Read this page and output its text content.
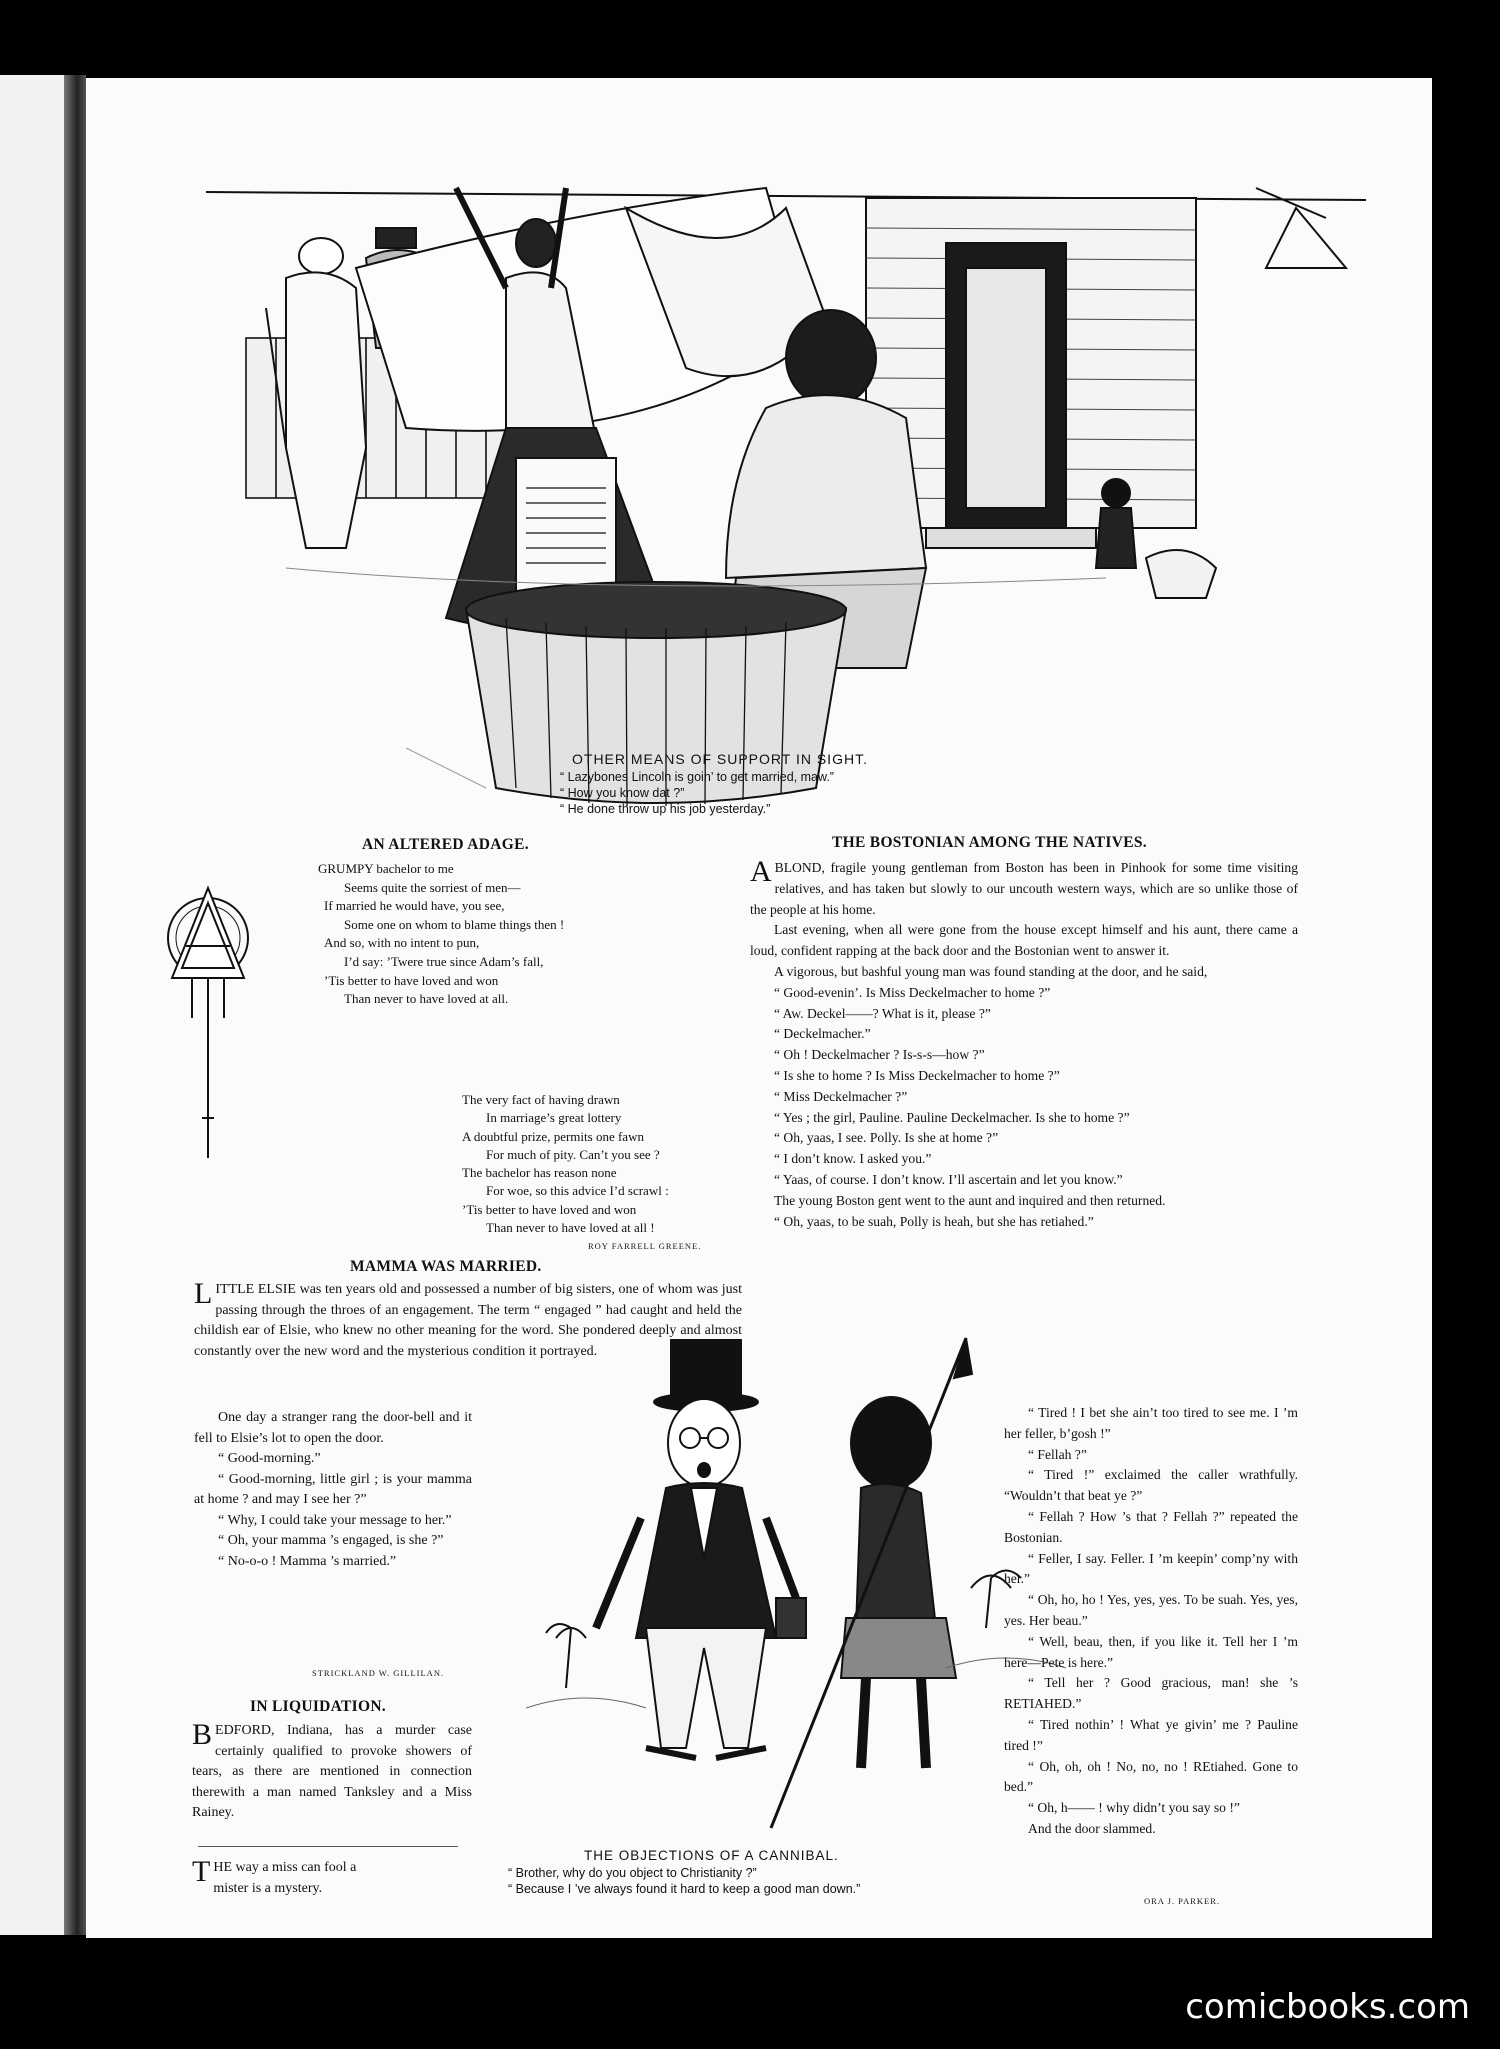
OTHER MEANS OF SUPPORT IN SIGHT.
“ Lazybones Lincoln is goin’ to get married, maw.”
“ How you know dat ?”
“ He done throw up his job yesterday.”
AN ALTERED ADAGE.

GRUMPY bachelor to me

Seems quite the sorriest of men—

If married he would have, you see,

Some one on whom to blame things then !

And so, with no intent to pun,

I’d say: ’Twere true since Adam’s fall,

’Tis better to have loved and won

Than never to have loved at all.

The very fact of having drawn

In marriage’s great lottery

A doubtful prize, permits one fawn

For much of pity. Can’t you see ?

The bachelor has reason none

For woe, so this advice I’d scrawl :

’Tis better to have loved and won

Than never to have loved at all !

ROY FARRELL GREENE.
MAMMA WAS MARRIED.
LITTLE ELSIE was ten years old and possessed a number of big sisters, one of whom was just passing through the throes of an engagement. The term “ engaged ” had caught and held the childish ear of Elsie, who knew no other meaning for the word. She pondered deeply and almost constantly over the new word and the mysterious condition it portrayed.

One day a stranger rang the door-bell and it fell to Elsie’s lot to open the door.

“ Good-morning.”

“ Good-morning, little girl ; is your mamma at home ? and may I see her ?”

“ Why, I could take your message to her.”

“ Oh, your mamma ’s engaged, is she ?”

“ No-o-o ! Mamma ’s married.”

STRICKLAND W. GILLILAN.
IN LIQUIDATION.
BEDFORD, Indiana, has a murder case certainly qualified to provoke showers of tears, as there are mentioned in connection therewith a man named Tanksley and a Miss Rainey.
THE way a miss can fool a mister is a mystery.
THE OBJECTIONS OF A CANNIBAL.
“ Brother, why do you object to Christianity ?”
“ Because I ’ve always found it hard to keep a good man down.”
THE BOSTONIAN AMONG THE NATIVES.

ABLOND, fragile young gentleman from Boston has been in Pinhook for some time visiting relatives, and has taken but slowly to our uncouth western ways, which are so unlike those of the people at his home.

Last evening, when all were gone from the house except himself and his aunt, there came a loud, confident rapping at the back door and the Bostonian went to answer it.

A vigorous, but bashful young man was found standing at the door, and he said,

“ Good-evenin’. Is Miss Deckelmacher to home ?”

“ Aw. Deckel——? What is it, please ?”

“ Deckelmacher.”

“ Oh ! Deckelmacher ? Is-s-s—how ?”

“ Is she to home ? Is Miss Deckelmacher to home ?”

“ Miss Deckelmacher ?”

“ Yes ; the girl, Pauline. Pauline Deckelmacher. Is she to home ?”

“ Oh, yaas, I see. Polly. Is she at home ?”

“ I don’t know. I asked you.”

“ Yaas, of course. I don’t know. I’ll ascertain and let you know.”

The young Boston gent went to the aunt and inquired and then returned.

“ Oh, yaas, to be suah, Polly is heah, but she has retiahed.”

“ Tired ! I bet she ain’t too tired to see me. I ’m her feller, b’gosh !”

“ Fellah ?”

“ Tired !” exclaimed the caller wrathfully. “Wouldn’t that beat ye ?”

“ Fellah ? How ’s that ? Fellah ?” repeated the Bostonian.

“ Feller, I say. Feller. I ’m keepin’ comp’ny with her.”

“ Oh, ho, ho ! Yes, yes, yes. To be suah. Yes, yes, yes. Her beau.”

“ Well, beau, then, if you like it. Tell her I ’m here—Pete is here.”

“ Tell her ? Good gracious, man! she ’s RETIAHED.”

“ Tired nothin’ ! What ye givin’ me ? Pauline tired !”

“ Oh, oh, oh ! No, no, no ! REtiahed. Gone to bed.”

“ Oh, h—— ! why didn’t you say so !”

And the door slammed.

ORA J. PARKER.
comicbooks.com
